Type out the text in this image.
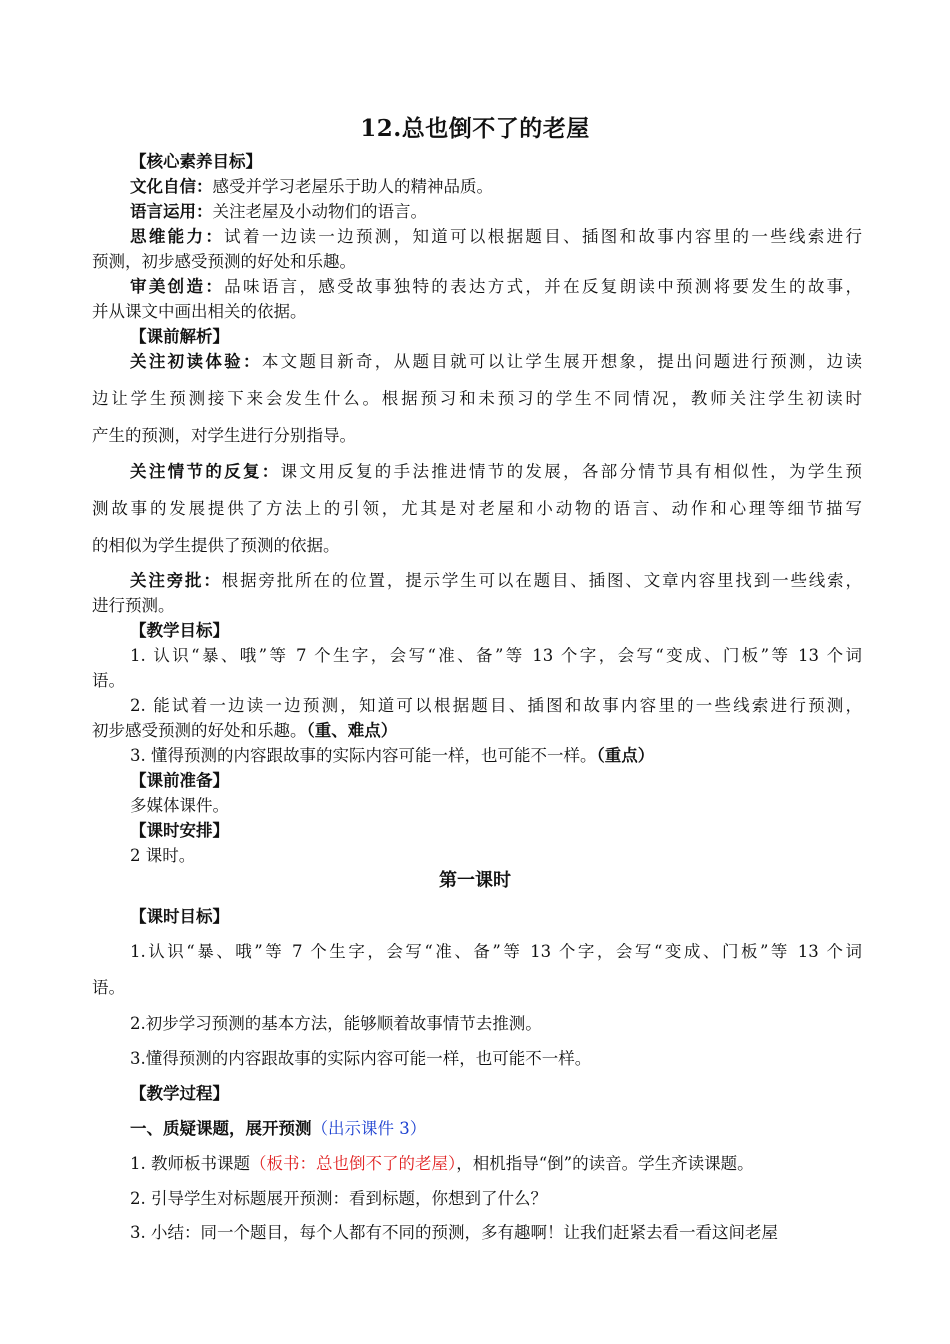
12.总也倒不了的老屋
【核心素养目标】
文化自信：感受并学习老屋乐于助人的精神品质。
语言运用：关注老屋及小动物们的语言。
思维能力：试着一边读一边预测，知道可以根据题目、插图和故事内容里的一些线索进行
预测，初步感受预测的好处和乐趣。
审美创造：品味语言，感受故事独特的表达方式，并在反复朗读中预测将要发生的故事，
并从课文中画出相关的依据。
【课前解析】
关注初读体验：本文题目新奇，从题目就可以让学生展开想象，提出问题进行预测，边读
边让学生预测接下来会发生什么。根据预习和未预习的学生不同情况，教师关注学生初读时
产生的预测，对学生进行分别指导。
关注情节的反复：课文用反复的手法推进情节的发展，各部分情节具有相似性，为学生预
测故事的发展提供了方法上的引领，尤其是对老屋和小动物的语言、动作和心理等细节描写
的相似为学生提供了预测的依据。
关注旁批：根据旁批所在的位置，提示学生可以在题目、插图、文章内容里找到一些线索，
进行预测。
【教学目标】
1. 认识“暴、哦”等 7 个生字，会写“准、备”等 13 个字，会写“变成、门板”等 13 个词
语。
2. 能试着一边读一边预测，知道可以根据题目、插图和故事内容里的一些线索进行预测，
初步感受预测的好处和乐趣。（重、难点）
3. 懂得预测的内容跟故事的实际内容可能一样，也可能不一样。（重点）
【课前准备】
多媒体课件。
【课时安排】
2 课时。
第一课时
【课时目标】
1.认识“暴、哦”等 7 个生字，会写“准、备”等 13 个字，会写“变成、门板”等 13 个词
语。
2.初步学习预测的基本方法，能够顺着故事情节去推测。
3.懂得预测的内容跟故事的实际内容可能一样，也可能不一样。
【教学过程】
一、质疑课题，展开预测（出示课件 3）
1. 教师板书课题（板书：总也倒不了的老屋），相机指导“倒”的读音。学生齐读课题。
2. 引导学生对标题展开预测：看到标题，你想到了什么？
3. 小结：同一个题目，每个人都有不同的预测，多有趣啊！让我们赶紧去看一看这间老屋
